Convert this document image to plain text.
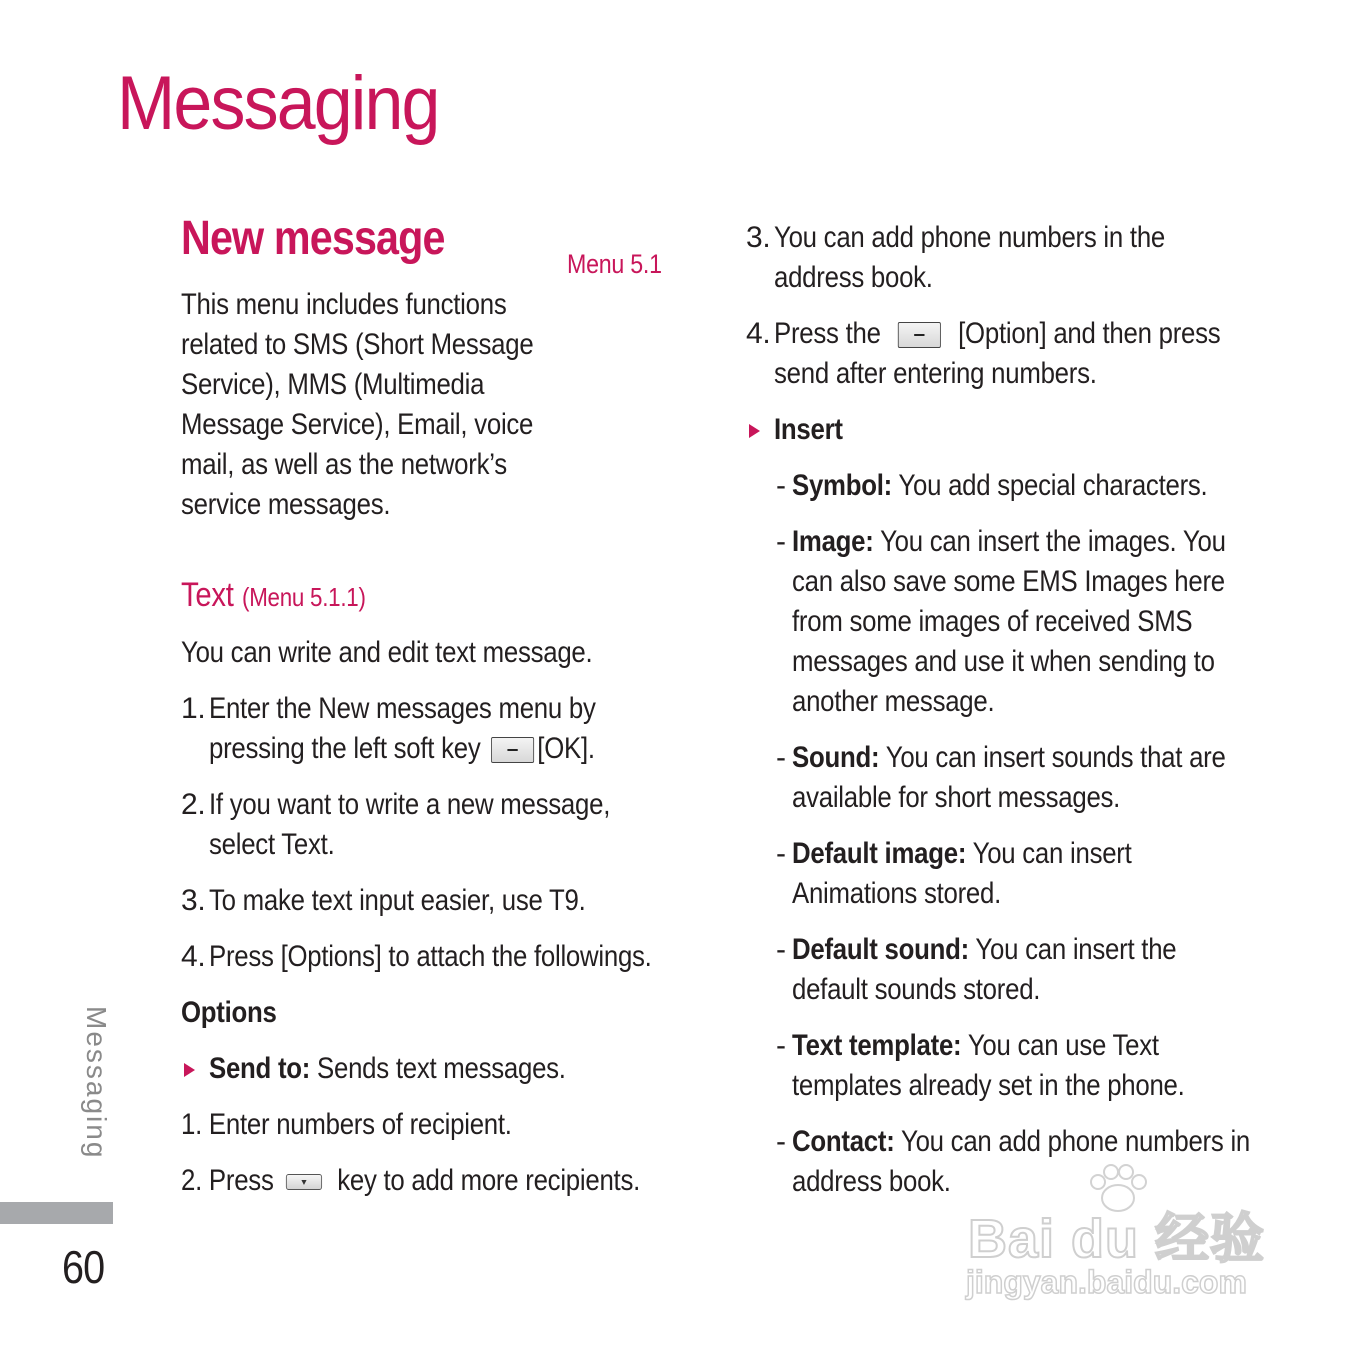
Messaging
New message	Menu 5.1

This menu includes functions related to SMS (Short Message Service), MMS (Multimedia Message Service), Email, voice mail, as well as the network’s service messages.

Text (Menu 5.1.1)

You can write and edit text message.

1. Enter the New messages menu by pressing the left soft key [OK].
2. If you want to write a new message, select Text.
3. To make text input easier, use T9.
4. Press [Options] to attach the followings.

Options

Send to: Sends text messages.
1. Enter numbers of recipient.
2. Press key to add more recipients.
3. You can add phone numbers in the address book.
4. Press the	[Option] and then press send after entering numbers.
Insert
- Symbol: You add special characters.
- Image: You can insert the images. You can also save some EMS Images here from some images of received SMS messages and use it when sending to another message.
- Sound: You can insert sounds that are available for short messages.
- Default image: You can insert Animations stored.
- Default sound: You can insert the default sounds stored.
- Text template: You can use Text templates already set in the phone.
- Contact: You can add phone numbers in address book.
Messaging
60	Bai du 经验
jingyan.baidu.com
